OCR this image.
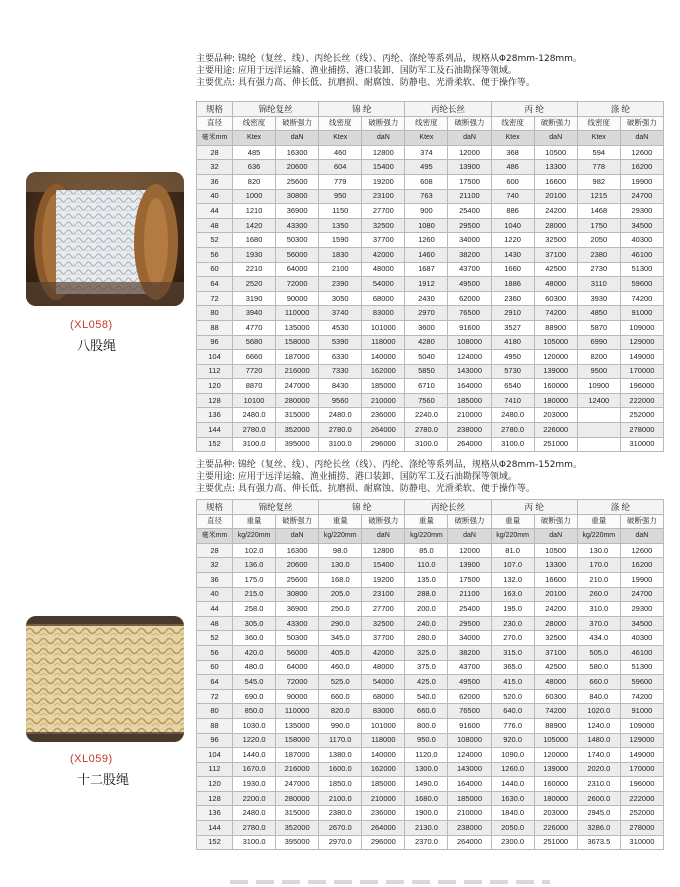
主要品种: 锦纶（复丝、线）、丙纶长丝（线）、丙纶、涤纶等系列品，规格从Φ28mm-128mm。
主要用途: 应用于远洋运输、渔业捕捞、港口装卸、国防军工及石油勘探等领域。
主要优点: 具有强力高、伸长低、抗磨损、耐腐蚀、防静电、光滑柔软、便于操作等。
(XL058)
八股绳
规格	锦纶复丝		锦 纶		丙纶长丝		丙 纶		涤 纶	
直径	线密度	破断强力	线密度	破断强力	线密度	破断强力	线密度	破断强力	线密度	破断强力
毫米mm	Ktex	daN	Ktex	daN	Ktex	daN	Ktex	daN	Ktex	daN
28	485	16300	460	12800	374	12000	368	10500	594	12600
32	636	20600	604	15400	495	13900	486	13300	778	16200
36	820	25600	779	19200	608	17500	600	16600	982	19900
40	1000	30800	950	23100	763	21100	740	20100	1215	24700
44	1210	36900	1150	27700	900	25400	886	24200	1468	29300
48	1420	43300	1350	32500	1080	29500	1040	28000	1750	34500
52	1680	50300	1590	37700	1260	34000	1220	32500	2050	40300
56	1930	56000	1830	42000	1460	38200	1430	37100	2380	46100
60	2210	64000	2100	48000	1687	43700	1660	42500	2730	51300
64	2520	72000	2390	54000	1912	49500	1886	48000	3110	59600
72	3190	90000	3050	68000	2430	62000	2360	60300	3930	74200
80	3940	110000	3740	83000	2970	76500	2910	74200	4850	91000
88	4770	135000	4530	101000	3600	91600	3527	88900	5870	109000
96	5680	158000	5390	118000	4280	108000	4180	105000	6990	129000
104	6660	187000	6330	140000	5040	124000	4950	120000	8200	149000
112	7720	216000	7330	162000	5850	143000	5730	139000	9500	170000
120	8870	247000	8430	185000	6710	164000	6540	160000	10900	196000
128	10100	280000	9560	210000	7560	185000	7410	180000	12400	222000
136	2480.0	315000	2480.0	236000	2240.0	210000	2480.0	203000		252000
144	2780.0	352000	2780.0	264000	2780.0	238000	2780.0	226000		278000
152	3100.0	395000	3100.0	296000	3100.0	264000	3100.0	251000		310000
主要品种: 锦纶（复丝、线）、丙纶长丝（线）、丙纶、涤纶等系列品，规格从Φ28mm-152mm。
主要用途: 应用于远洋运输、渔业捕捞、港口装卸、国防军工及石油勘探等领域。
主要优点: 具有强力高、伸长低、抗磨损、耐腐蚀、防静电、光滑柔软、便于操作等。
(XL059)
十二股绳
规格	锦纶复丝		锦 纶		丙纶长丝		丙 纶		涤 纶	
直径	重量	破断强力	重量	破断强力	重量	破断强力	重量	破断强力	重量	破断强力
毫米mm	kg/220mm	daN	kg/220mm	daN	kg/220mm	daN	kg/220mm	daN	kg/220mm	daN
28	102.0	16300	98.0	12800	85.0	12000	81.0	10500	130.0	12600
32	136.0	20600	130.0	15400	110.0	13900	107.0	13300	170.0	16200
36	175.0	25600	168.0	19200	135.0	17500	132.0	16600	210.0	19900
40	215.0	30800	205.0	23100	288.0	21100	163.0	20100	260.0	24700
44	258.0	36900	250.0	27700	200.0	25400	195.0	24200	310.0	29300
48	305.0	43300	290.0	32500	240.0	29500	230.0	28000	370.0	34500
52	360.0	50300	345.0	37700	280.0	34000	270.0	32500	434.0	40300
56	420.0	56000	405.0	42000	325.0	38200	315.0	37100	505.0	46100
60	480.0	64000	460.0	48000	375.0	43700	365.0	42500	580.0	51300
64	545.0	72000	525.0	54000	425.0	49500	415.0	48000	660.0	59600
72	690.0	90000	660.0	68000	540.0	62000	520.0	60300	840.0	74200
80	850.0	110000	820.0	83000	660.0	76500	640.0	74200	1020.0	91000
88	1030.0	135000	990.0	101000	800.0	91600	776.0	88900	1240.0	109000
96	1220.0	158000	1170.0	118000	950.0	108000	920.0	105000	1480.0	129000
104	1440.0	187000	1380.0	140000	1120.0	124000	1090.0	120000	1740.0	149000
112	1670.0	216000	1600.0	162000	1300.0	143000	1260.0	139000	2020.0	170000
120	1930.0	247000	1850.0	185000	1490.0	164000	1440.0	160000	2310.0	196000
128	2200.0	280000	2100.0	210000	1680.0	185000	1630.0	180000	2600.0	222000
136	2480.0	315000	2380.0	236000	1900.0	210000	1840.0	203000	2945.0	252000
144	2780.0	352000	2670.0	264000	2130.0	238000	2050.0	226000	3286.0	278000
152	3100.0	395000	2970.0	296000	2370.0	264000	2300.0	251000	3673.5	310000
